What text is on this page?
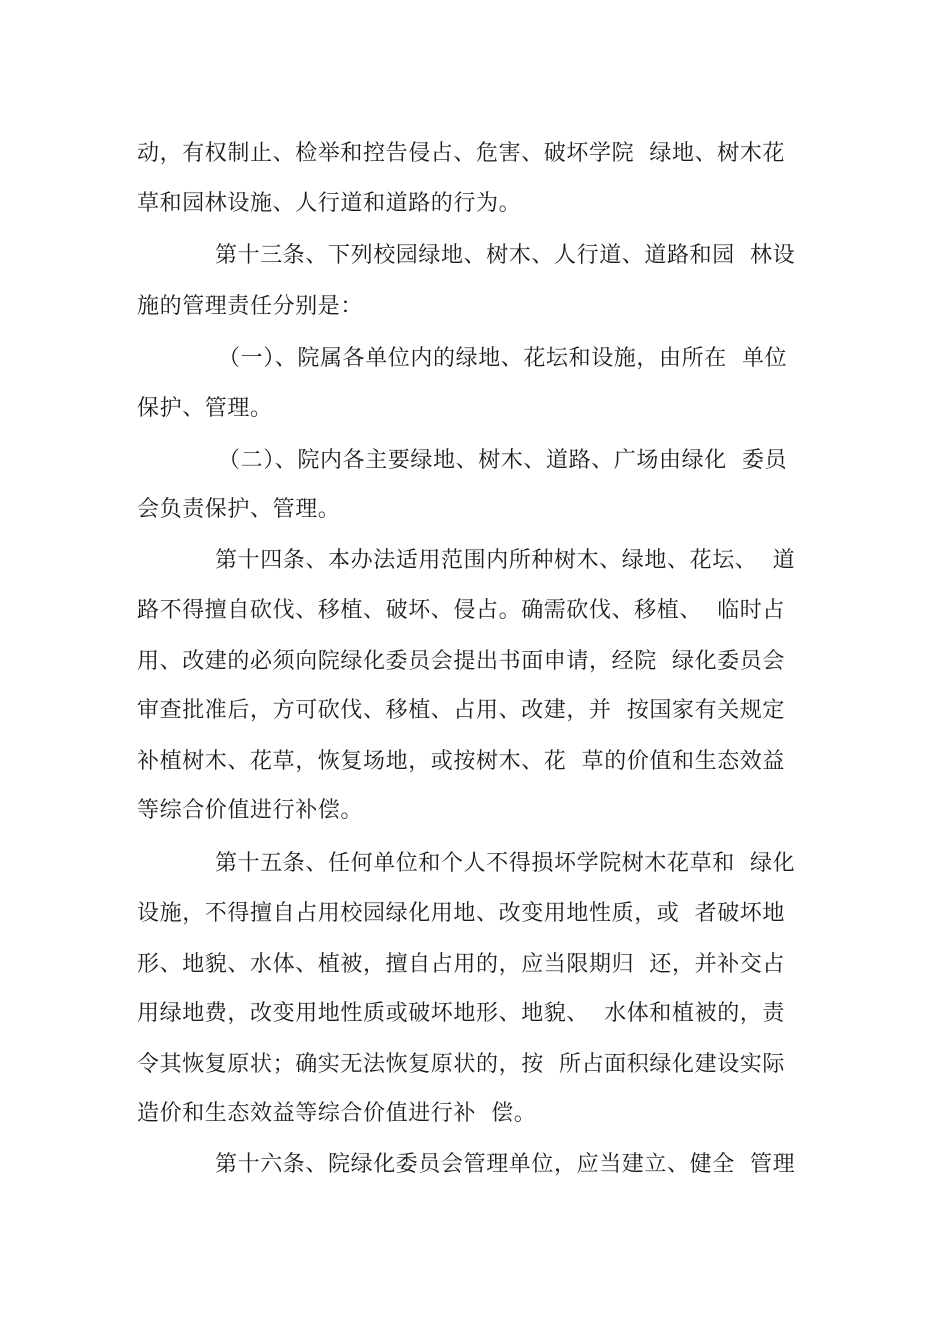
动，有权制止、检举和控告侵占、危害、破坏学院  绿地、树木花
草和园林设施、人行道和道路的行为。
第十三条、下列校园绿地、树木、人行道、道路和园  林设
施的管理责任分别是：
（一）、院属各单位内的绿地、花坛和设施，由所在  单位
保护、管理。
（二）、院内各主要绿地、树木、道路、广场由绿化  委员
会负责保护、管理。
第十四条、本办法适用范围内所种树木、绿地、花坛、  道
路不得擅自砍伐、移植、破坏、侵占。确需砍伐、移植、  临时占
用、改建的必须向院绿化委员会提出书面申请，经院  绿化委员会
审查批准后，方可砍伐、移植、占用、改建，并  按国家有关规定
补植树木、花草，恢复场地，或按树木、花  草的价值和生态效益
等综合价值进行补偿。
第十五条、任何单位和个人不得损坏学院树木花草和  绿化
设施，不得擅自占用校园绿化用地、改变用地性质，或  者破坏地
形、地貌、水体、植被，擅自占用的，应当限期归  还，并补交占
用绿地费，改变用地性质或破坏地形、地貌、  水体和植被的，责
令其恢复原状；确实无法恢复原状的，按  所占面积绿化建设实际
造价和生态效益等综合价值进行补  偿。
第十六条、院绿化委员会管理单位，应当建立、健全  管理
